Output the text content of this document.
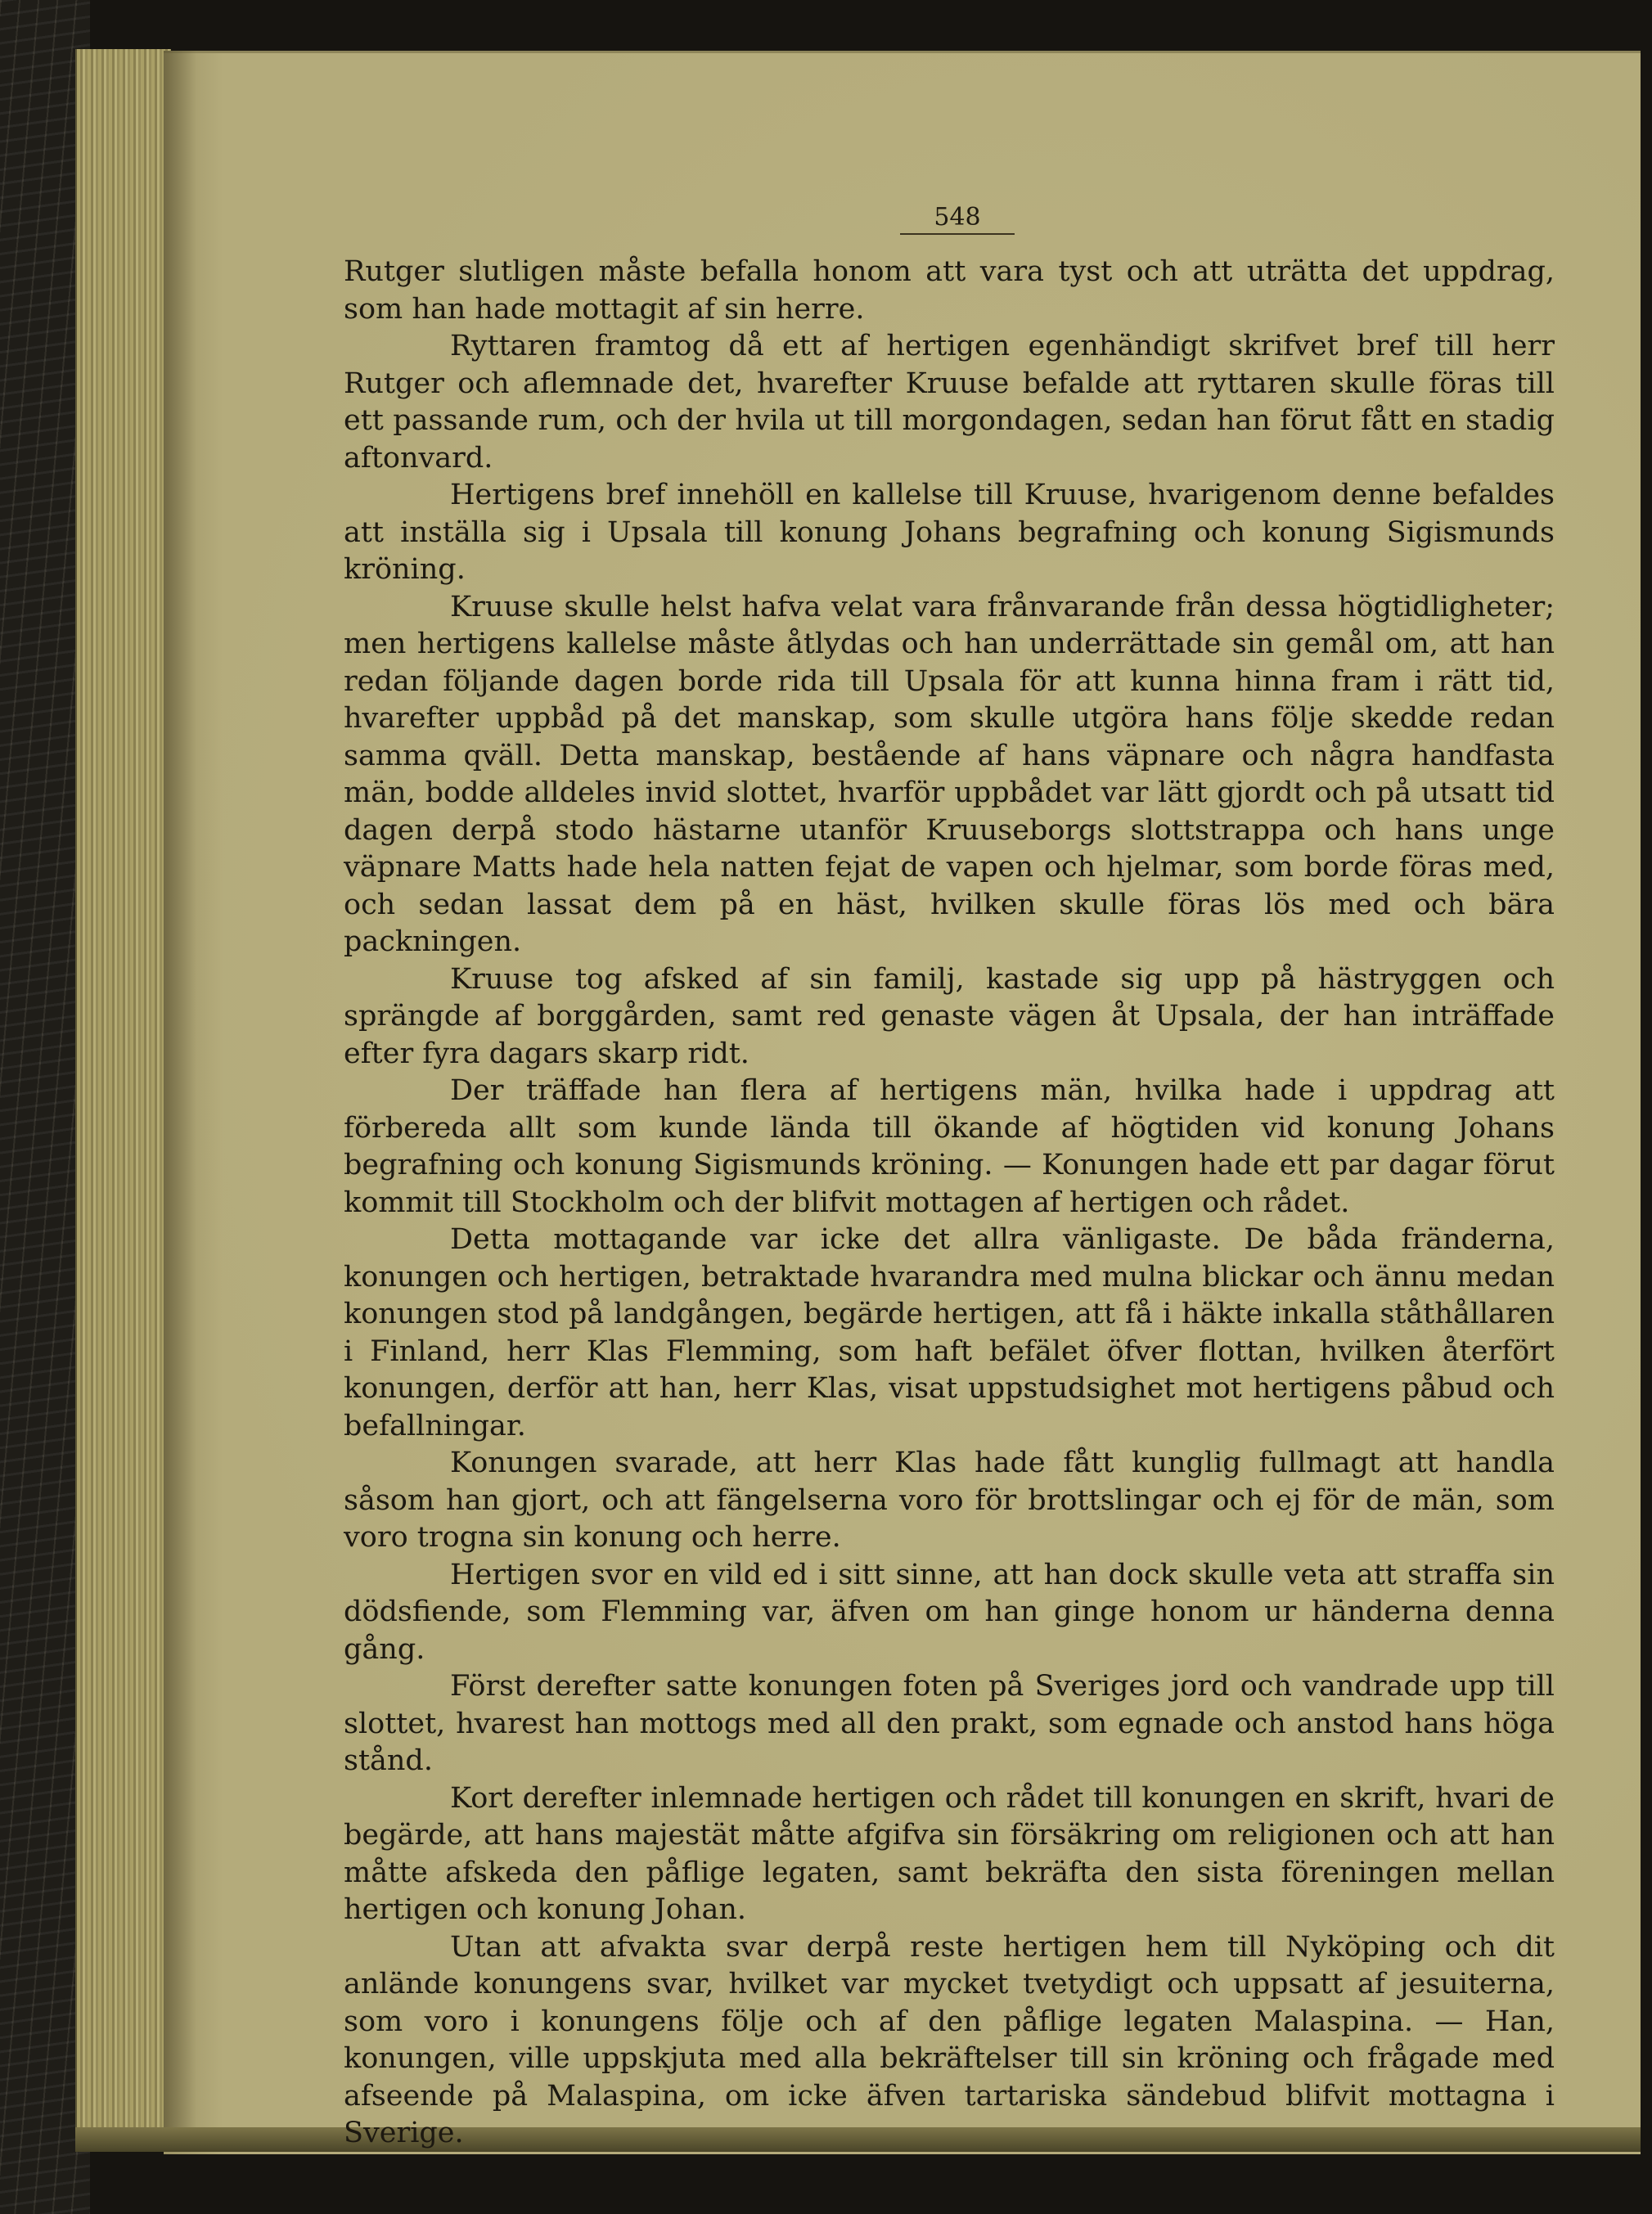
548

Rutger slutligen måste befalla honom att vara tyst och att uträtta det uppdrag, som han hade mottagit af sin herre.

Ryttaren framtog då ett af hertigen egenhändigt skrifvet bref till herr Rutger och aflemnade det, hvarefter Kruuse befalde att ryttaren skulle föras till ett passande rum, och der hvila ut till morgondagen, sedan han förut fått en stadig aftonvard.

Hertigens bref innehöll en kallelse till Kruuse, hvarigenom denne befaldes att inställa sig i Upsala till konung Johans begrafning och konung Sigismunds kröning.

Kruuse skulle helst hafva velat vara frånvarande från dessa högtidligheter; men hertigens kallelse måste åtlydas och han underrättade sin gemål om, att han redan följande dagen borde rida till Upsala för att kunna hinna fram i rätt tid, hvarefter uppbåd på det manskap, som skulle utgöra hans följe skedde redan samma qväll. Detta manskap, bestående af hans väpnare och några handfasta män, bodde alldeles invid slottet, hvarför uppbådet var lätt gjordt och på utsatt tid dagen derpå stodo hästarne utanför Kruuseborgs slottstrappa och hans unge väpnare Matts hade hela natten fejat de vapen och hjelmar, som borde föras med, och sedan lassat dem på en häst, hvilken skulle föras lös med och bära packningen.

Kruuse tog afsked af sin familj, kastade sig upp på hästryggen och sprängde af borggården, samt red genaste vägen åt Upsala, der han inträffade efter fyra dagars skarp ridt.

Der träffade han flera af hertigens män, hvilka hade i uppdrag att förbereda allt som kunde lända till ökande af högtiden vid konung Johans begrafning och konung Sigismunds kröning. — Konungen hade ett par dagar förut kommit till Stockholm och der blifvit mottagen af hertigen och rådet.

Detta mottagande var icke det allra vänligaste. De båda fränderna, konungen och hertigen, betraktade hvarandra med mulna blickar och ännu medan konungen stod på landgången, begärde hertigen, att få i häkte inkalla ståthållaren i Finland, herr Klas Flemming, som haft befälet öfver flottan, hvilken återfört konungen, derför att han, herr Klas, visat uppstudsighet mot hertigens påbud och befallningar.

Konungen svarade, att herr Klas hade fått kunglig fullmagt att handla såsom han gjort, och att fängelserna voro för brottslingar och ej för de män, som voro trogna sin konung och herre.

Hertigen svor en vild ed i sitt sinne, att han dock skulle veta att straffa sin dödsfiende, som Flemming var, äfven om han ginge honom ur händerna denna gång.

Först derefter satte konungen foten på Sveriges jord och vandrade upp till slottet, hvarest han mottogs med all den prakt, som egnade och anstod hans höga stånd.

Kort derefter inlemnade hertigen och rådet till konungen en skrift, hvari de begärde, att hans majestät måtte afgifva sin försäkring om religionen och att han måtte afskeda den påflige legaten, samt bekräfta den sista föreningen mellan hertigen och konung Johan.

Utan att afvakta svar derpå reste hertigen hem till Nyköping och dit anlände konungens svar, hvilket var mycket tvetydigt och uppsatt af jesuiterna, som voro i konungens följe och af den påflige legaten Malaspina. — Han, konungen, ville uppskjuta med alla bekräftelser till sin kröning och frågade med afseende på Malaspina, om icke äfven tartariska sändebud blifvit mottagna i Sverige.
